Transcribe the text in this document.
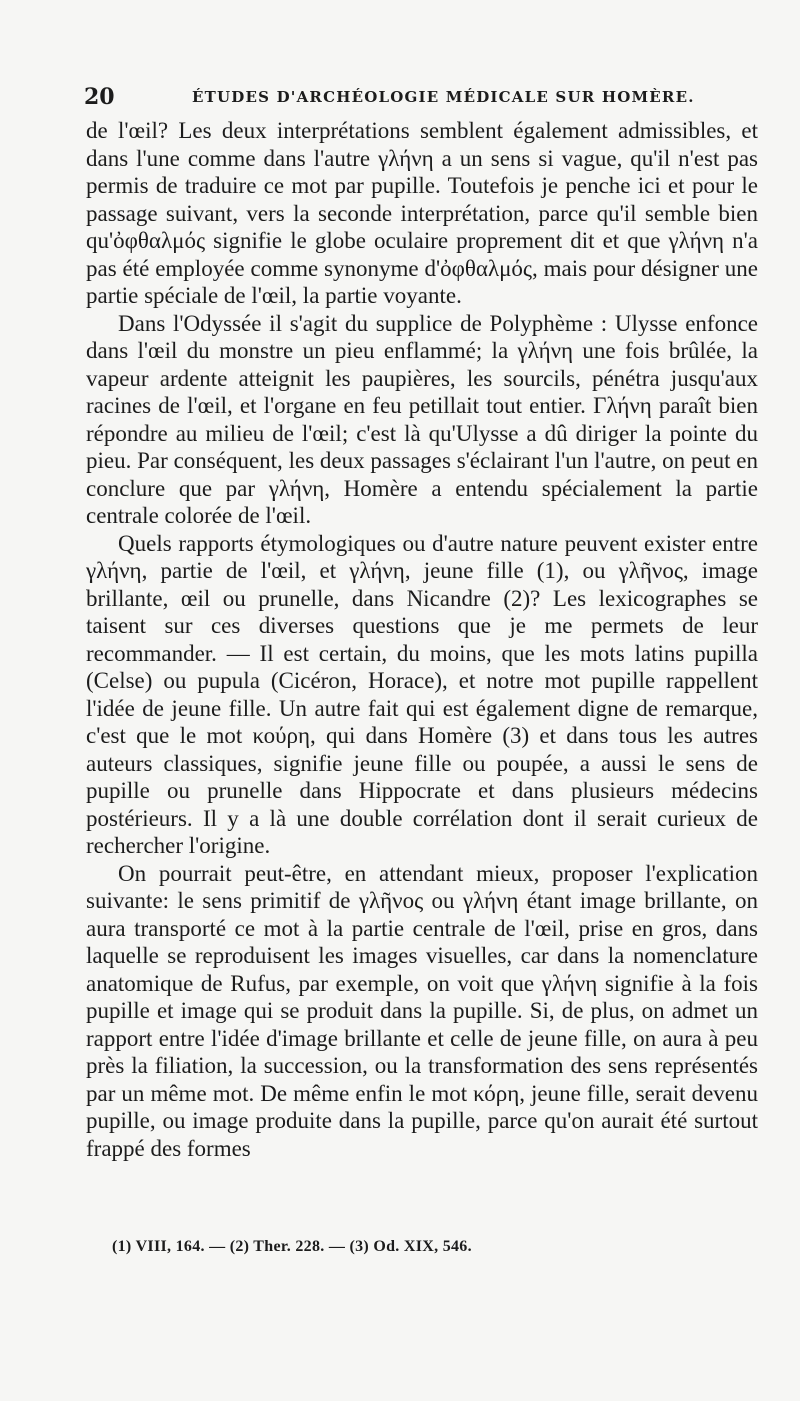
20	ÉTUDES D'ARCHÉOLOGIE MÉDICALE SUR HOMÈRE.

de l'œil? Les deux interprétations semblent également admissibles, et dans l'une comme dans l'autre γλήνη a un sens si vague, qu'il n'est pas permis de traduire ce mot par pupille. Toutefois je penche ici et pour le passage suivant, vers la seconde interprétation, parce qu'il semble bien qu'ὀφθαλμός signifie le globe oculaire proprement dit et que γλήνη n'a pas été employée comme synonyme d'ὀφθαλμός, mais pour désigner une partie spéciale de l'œil, la partie voyante.

Dans l'Odyssée il s'agit du supplice de Polyphème : Ulysse enfonce dans l'œil du monstre un pieu enflammé; la γλήνη une fois brûlée, la vapeur ardente atteignit les paupières, les sourcils, pénétra jusqu'aux racines de l'œil, et l'organe en feu petillait tout entier. Γλήνη paraît bien répondre au milieu de l'œil; c'est là qu'Ulysse a dû diriger la pointe du pieu. Par conséquent, les deux passages s'éclairant l'un l'autre, on peut en conclure que par γλήνη, Homère a entendu spécialement la partie centrale colorée de l'œil.

Quels rapports étymologiques ou d'autre nature peuvent exister entre γλήνη, partie de l'œil, et γλήνη, jeune fille (1), ou γλῆνος, image brillante, œil ou prunelle, dans Nicandre (2)? Les lexicographes se taisent sur ces diverses questions que je me permets de leur recommander. — Il est certain, du moins, que les mots latins pupilla (Celse) ou pupula (Cicéron, Horace), et notre mot pupille rappellent l'idée de jeune fille. Un autre fait qui est également digne de remarque, c'est que le mot κούρη, qui dans Homère (3) et dans tous les autres auteurs classiques, signifie jeune fille ou poupée, a aussi le sens de pupille ou prunelle dans Hippocrate et dans plusieurs médecins postérieurs. Il y a là une double corrélation dont il serait curieux de rechercher l'origine.

On pourrait peut-être, en attendant mieux, proposer l'explication suivante: le sens primitif de γλῆνος ou γλήνη étant image brillante, on aura transporté ce mot à la partie centrale de l'œil, prise en gros, dans laquelle se reproduisent les images visuelles, car dans la nomenclature anatomique de Rufus, par exemple, on voit que γλήνη signifie à la fois pupille et image qui se produit dans la pupille. Si, de plus, on admet un rapport entre l'idée d'image brillante et celle de jeune fille, on aura à peu près la filiation, la succession, ou la transformation des sens représentés par un même mot. De même enfin le mot κόρη, jeune fille, serait devenu pupille, ou image produite dans la pupille, parce qu'on aurait été surtout frappé des formes

(1) VIII, 164. — (2) Ther. 228. — (3) Od. XIX, 546.
